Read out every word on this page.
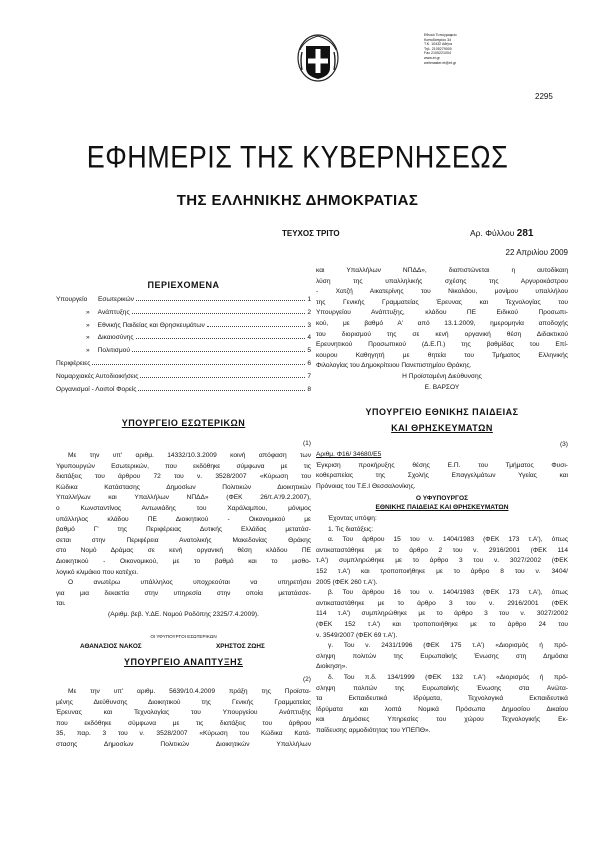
Εθνικό Τυπογραφείο
Καποδιστρίου 34
Τ.Κ. 10432 Αθήνα
Τηλ. 2105279000
Fax 2105221004
www.et.gr
webmaster.et@et.gr
2295
ΕΦΗΜΕΡΙΣ ΤΗΣ ΚΥΒΕΡΝΗΣΕΩΣ
ΤΗΣ ΕΛΛΗΝΙΚΗΣ ΔΗΜΟΚΡΑΤΙΑΣ
ΤΕΥΧΟΣ ΤΡΙΤΟ	Αρ. Φύλλου 281
22 Απριλίου 2009
ΠΕΡΙΕΧΟΜΕΝΑ
Υπουργείο Εσωτερικών	1
» Ανάπτυξης	2
» Εθνικής Παιδείας και Θρησκευμάτων	3
» Δικαιοσύνης	4
» Πολιτισμού	5
Περιφέρειες	6
Νομαρχιακές Αυτοδιοικήσεις	7
Οργανισμοί - Λοιποί Φορείς	8
ΥΠΟΥΡΓΕΙΟ ΕΣΩΤΕΡΙΚΩΝ
(1)
Με την υπ' αριθμ. 14332/10.3.2009 κοινή απόφαση των
Υφυπουργών Εσωτερικών, που εκδόθηκε σύμφωνα με τις
διατάξεις του άρθρου 72 του ν. 3528/2007 «Κύρωση του
Κώδικα Κατάστασης Δημοσίων Πολιτικών Διοικητικών
Υπαλλήλων και Υπαλλήλων ΝΠΔΔ» (ΦΕΚ 26/τ.Α'/9.2.2007),
ο Κωνσταντίνος Αντωνιάδης του Χαράλαμπου, μόνιμος
υπάλληλος κλάδου ΠΕ Διοικητικού - Οικονομικού με
βαθμό Γ' της Περιφέρειας Δυτικής Ελλάδας μετατάσ-
σεται στην Περιφέρεια Ανατολικής Μακεδονίας Θράκης
στο Νομό Δράμας σε κενή οργανική θέση κλάδου ΠΕ
Διοικητικού - Οικονομικού, με το βαθμό και το μισθο-
λογικό κλιμάκιο που κατέχει.
Ο ανωτέρω υπάλληλος υποχρεούται να υπηρετήσει
για μια δεκαετία στην υπηρεσία στην οποία μετατάσσε-
ται.
(Αριθμ. βεβ. Υ.ΔΕ. Νομού Ροδόπης 2325/7.4.2009).
ΟΙ ΥΦΥΠΟΥΡΓΟΙ ΕΣΩΤΕΡΙΚΩΝ
ΑΘΑΝΑΣΙΟΣ ΝΑΚΟΣ	ΧΡΗΣΤΟΣ ΖΩΗΣ
ΥΠΟΥΡΓΕΙΟ ΑΝΑΠΤΥΞΗΣ
(2)
Με την υπ' αριθμ. 5639/10.4.2009 πράξη της Προϊστα-
μένης Διεύθυνσης Διοικητικού της Γενικής Γραμματείας
Έρευνας και Τεχνολογίας του Υπουργείου Ανάπτυξης
που εκδόθηκε σύμφωνα με τις διατάξεις του άρθρου
35, παρ. 3 του ν. 3528/2007 «Κύρωση του Κώδικα Κατά-
στασης Δημοσίων Πολιτικών Διοικητικών Υπαλλήλων
και Υπαλλήλων ΝΠΔΔ», διαπιστώνεται η αυτοδίκαιη
λύση της υπαλληλικής σχέσης της Αργυροκάστρου
- Χατζή Αικατερίνης του Νικολάου, μονίμου υπαλλήλου
της Γενικής Γραμματείας Έρευνας και Τεχνολογίας του
Υπουργείου Ανάπτυξης, κλάδου ΠΕ Ειδικού Προσωπι-
κού, με βαθμό Α' από 13.1.2009, ημερομηνία αποδοχής
του διορισμού της σε κενή οργανική θέση Διδακτικού
Ερευνητικού Προσωπικού (Δ.Ε.Π.) της βαθμίδας του Επί-
κουρου Καθηγητή με θητεία του Τμήματος Ελληνικής
Φιλολογίας του Δημοκρίτειου Πανεπιστημίου Θράκης.
Η Προϊσταμένη Διεύθυνσης
Ε. ΒΑΡΣΟΥ
ΥΠΟΥΡΓΕΙΟ ΕΘΝΙΚΗΣ ΠΑΙΔΕΙΑΣ
ΚΑΙ ΘΡΗΣΚΕΥΜΑΤΩΝ
(3)
Αριθμ. Φ16/ 34680/Ε5
Έγκριση προκήρυξης θέσης Ε.Π. του Τμήματος Φυσι-
κοθεραπείας της Σχολής Επαγγελμάτων Υγείας και
Πρόνοιας του Τ.Ε.Ι Θεσσαλονίκης.
Ο ΥΦΥΠΟΥΡΓΟΣ
ΕΘΝΙΚΗΣ ΠΑΙΔΕΙΑΣ ΚΑΙ ΘΡΗΣΚΕΥΜΑΤΩΝ
Έχοντας υπόψη:
1. Τις διατάξεις:
α. Του άρθρου 15 του ν. 1404/1983 (ΦΕΚ 173 τ.Α'), όπως
αντικαταστάθηκε με το άρθρο 2 του ν. 2916/2001 (ΦΕΚ 114
τ.Α') συμπληρώθηκε με το άρθρο 3 του ν. 3027/2002 (ΦΕΚ
152 τ.Α') και τροποποιήθηκε με το άρθρο 8 του ν. 3404/
2005 (ΦΕΚ 260 τ.Α').
β. Του άρθρου 16 του ν. 1404/1983 (ΦΕΚ 173 τ.Α'), όπως
αντικαταστάθηκε με το άρθρο 3 του ν. 2916/2001 (ΦΕΚ
114 τ.Α') συμπληρώθηκε με το άρθρο 3 του ν. 3027/2002
(ΦΕΚ 152 τ.Α') και τροποποιήθηκε με το άρθρο 24 του
ν. 3549/2007 (ΦΕΚ 69 τ.Α').
γ. Του ν. 2431/1996 (ΦΕΚ 175 τ.Α') «Διορισμός ή πρό-
σληψη πολιτών της Ευρωπαϊκής Ένωσης στη Δημόσια
Διοίκηση».
δ. Του π.δ. 134/1999 (ΦΕΚ 132 τ.Α') «Διορισμός ή πρό-
σληψη πολιτών της Ευρωπαϊκής Ένωσης στα Ανώτα-
τα Εκπαιδευτικά Ιδρύματα, Τεχνολογικά Εκπαιδευτικά
Ιδρύματα και λοιπά Νομικά Πρόσωπα Δημοσίου Δικαίου
και Δημόσιες Υπηρεσίες του χώρου Τεχνολογικής Εκ-
παίδευσης αρμοδιότητας του ΥΠΕΠΘ».
